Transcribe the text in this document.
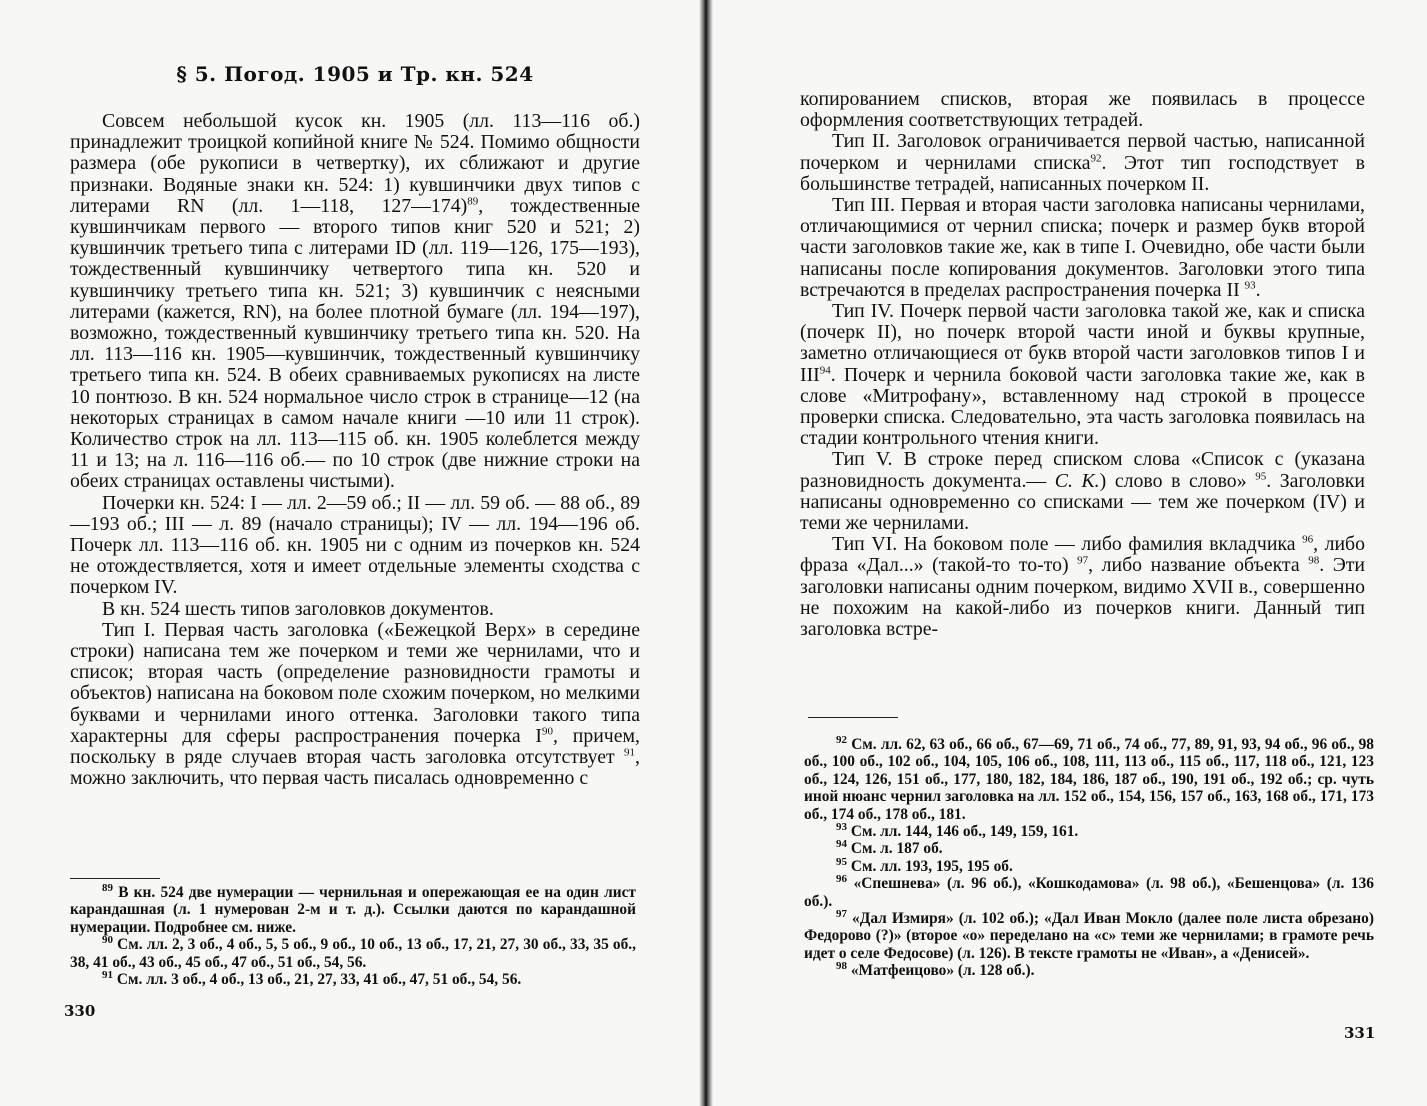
§ 5. Погод. 1905 и Тр. кн. 524

Совсем небольшой кусок кн. 1905 (лл. 113—116 об.) принадлежит троицкой копийной книге № 524. Помимо общности размера (обе рукописи в четвертку), их сближают и другие признаки. Водяные знаки кн. 524: 1) кувшинчики двух типов с литерами RN (лл. 1—118, 127—174)$^{89}$, тождественные кувшинчикам первого — второго типов книг 520 и 521; 2) кувшинчик третьего типа с литерами ID (лл. 119—126, 175—193), тождественный кувшинчику четвертого типа кн. 520 и кувшинчику третьего типа кн. 521; 3) кувшинчик с неясными литерами (кажется, RN), на более плотной бумаге (лл. 194—197), возможно, тождественный кувшинчику третьего типа кн. 520. На лл. 113—116 кн. 1905—кувшинчик, тождественный кувшинчику третьего типа кн. 524. В обеих сравниваемых рукописях на листе 10 понтюзо. В кн. 524 нормальное число строк в странице—12 (на некоторых страницах в самом начале книги —10 или 11 строк). Количество строк на лл. 113—115 об. кн. 1905 колеблется между 11 и 13; на л. 116—116 об.— по 10 строк (две нижние строки на обеих страницах оставлены чистыми).

Почерки кн. 524: I — лл. 2—59 об.; II — лл. 59 об. — 88 об., 89—193 об.; III — л. 89 (начало страницы); IV — лл. 194—196 об. Почерк лл. 113—116 об. кн. 1905 ни с одним из почерков кн. 524 не отождествляется, хотя и имеет отдельные элементы сходства с почерком IV.

В кн. 524 шесть типов заголовков документов.

Тип I. Первая часть заголовка («Бежецкой Верх» в середине строки) написана тем же почерком и теми же чернилами, что и список; вторая часть (определение разновидности грамоты и объектов) написана на боковом поле схожим почерком, но мелкими буквами и чернилами иного оттенка. Заголовки такого типа характерны для сферы распространения почерка $I^{90}$, причем, поскольку в ряде случаев вторая часть заголовка отсутствует $^{91}$, можно заключить, что первая часть писалась одновременно с

$^{89}$ В кн. 524 две нумерации — чернильная и опережающая ее на один лист карандашная (л. 1 нумерован 2-м и т. д.). Ссылки даются по карандашной нумерации. Подробнее см. ниже.

$^{90}$ См. лл. 2, 3 об., 4 об., 5, 5 об., 9 об., 10 об., 13 об., 17, 21, 27, 30 об., 33, 35 об., 38, 41 об., 43 об., 45 об., 47 об., 51 об., 54, 56.

$^{91}$ См. лл. 3 об., 4 об., 13 об., 21, 27, 33, 41 об., 47, 51 об., 54, 56.

330

копированием списков, вторая же появилась в процессе оформления соответствующих тетрадей.

Тип II. Заголовок ограничивается первой частью, написанной почерком и чернилами списка$^{92}$. Этот тип господствует в большинстве тетрадей, написанных почерком II.

Тип III. Первая и вторая части заголовка написаны чернилами, отличающимися от чернил списка; почерк и размер букв второй части заголовков такие же, как в типе I. Очевидно, обе части были написаны после копирования документов. Заголовки этого типа встречаются в пределах распространения почерка II $^{93}$.

Тип IV. Почерк первой части заголовка такой же, как и списка (почерк II), но почерк второй части иной и буквы крупные, заметно отличающиеся от букв второй части заголовков типов I и III$^{94}$. Почерк и чернила боковой части заголовка такие же, как в слове «Митрофану», вставленному над строкой в процессе проверки списка. Следовательно, эта часть заголовка появилась на стадии контрольного чтения книги.

Тип V. В строке перед списком слова «Список с (указана разновидность документа.— С. К.) слово в слово» $^{95}$. Заголовки написаны одновременно со списками — тем же почерком (IV) и теми же чернилами.

Тип VI. На боковом поле — либо фамилия вкладчика $^{96}$, либо фраза «Дал...» (такой-то то-то) $^{97}$, либо название объекта $^{98}$. Эти заголовки написаны одним почерком, видимо XVII в., совершенно не похожим на какой-либо из почерков книги. Данный тип заголовка встре-

$^{92}$ См. лл. 62, 63 об., 66 об., 67—69, 71 об., 74 об., 77, 89, 91, 93, 94 об., 96 об., 98 об., 100 об., 102 об., 104, 105, 106 об., 108, 111, 113 об., 115 об., 117, 118 об., 121, 123 об., 124, 126, 151 об., 177, 180, 182, 184, 186, 187 об., 190, 191 об., 192 об.; ср. чуть иной нюанс чернил заголовка на лл. 152 об., 154, 156, 157 об., 163, 168 об., 171, 173 об., 174 об., 178 об., 181.

$^{93}$ См. лл. 144, 146 об., 149, 159, 161.

$^{94}$ См. л. 187 об.

$^{95}$ См. лл. 193, 195, 195 об.

$^{96}$ «Спешнева» (л. 96 об.), «Кошкодамова» (л. 98 об.), «Бешенцова» (л. 136 об.).

$^{97}$ «Дал Измиря» (л. 102 об.); «Дал Иван Мокло (далее поле листа обрезано) Федорово (?)» (второе «о» переделано на «с» теми же чернилами; в грамоте речь идет о селе Федосове) (л. 126). В тексте грамоты не «Иван», а «Денисей».

$^{98}$ «Матфеицово» (л. 128 об.).

331
